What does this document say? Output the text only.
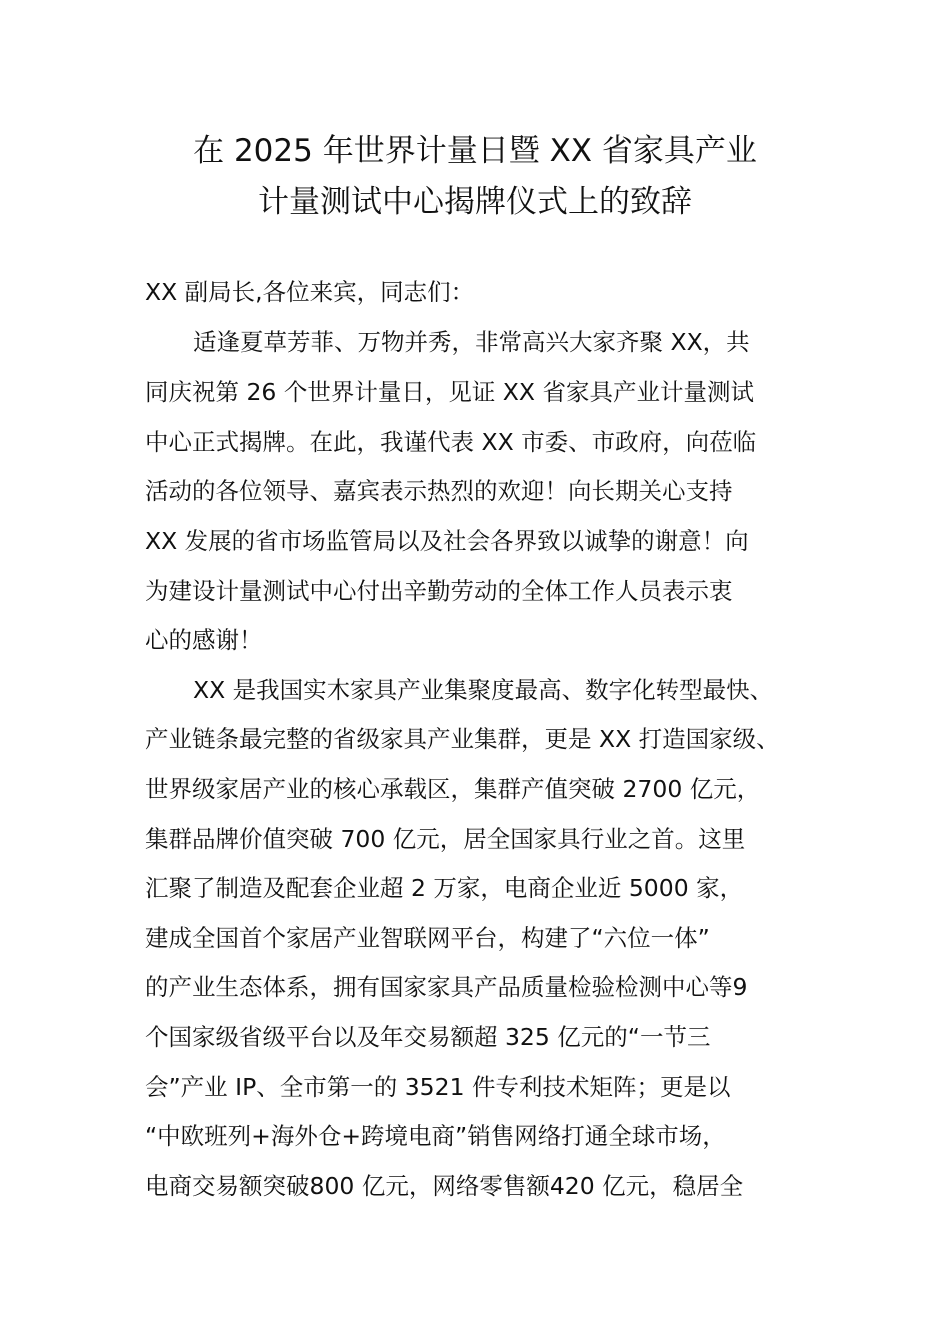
在 2025 年世界计量日暨 XX 省家具产业
计量测试中心揭牌仪式上的致辞
XX 副局长,各位来宾，同志们：
适逢夏草芳菲、万物并秀，非常高兴大家齐聚 XX，共
同庆祝第 26 个世界计量日，见证 XX 省家具产业计量测试
中心正式揭牌。在此，我谨代表 XX 市委、市政府，向莅临
活动的各位领导、嘉宾表示热烈的欢迎！向长期关心支持
XX 发展的省市场监管局以及社会各界致以诚挚的谢意！向
为建设计量测试中心付出辛勤劳动的全体工作人员表示衷
心的感谢！
XX 是我国实木家具产业集聚度最高、数字化转型最快、
产业链条最完整的省级家具产业集群，更是 XX 打造国家级、
世界级家居产业的核心承载区，集群产值突破 2700 亿元，
集群品牌价值突破 700 亿元，居全国家具行业之首。这里
汇聚了制造及配套企业超 2 万家，电商企业近 5000 家，
建成全国首个家居产业智联网平台，构建了“六位一体”
的产业生态体系，拥有国家家具产品质量检验检测中心等9
个国家级省级平台以及年交易额超 325 亿元的“一节三
会”产业 IP、全市第一的 3521 件专利技术矩阵；更是以
“中欧班列+海外仓+跨境电商”销售网络打通全球市场，
电商交易额突破800 亿元，网络零售额420 亿元，稳居全
